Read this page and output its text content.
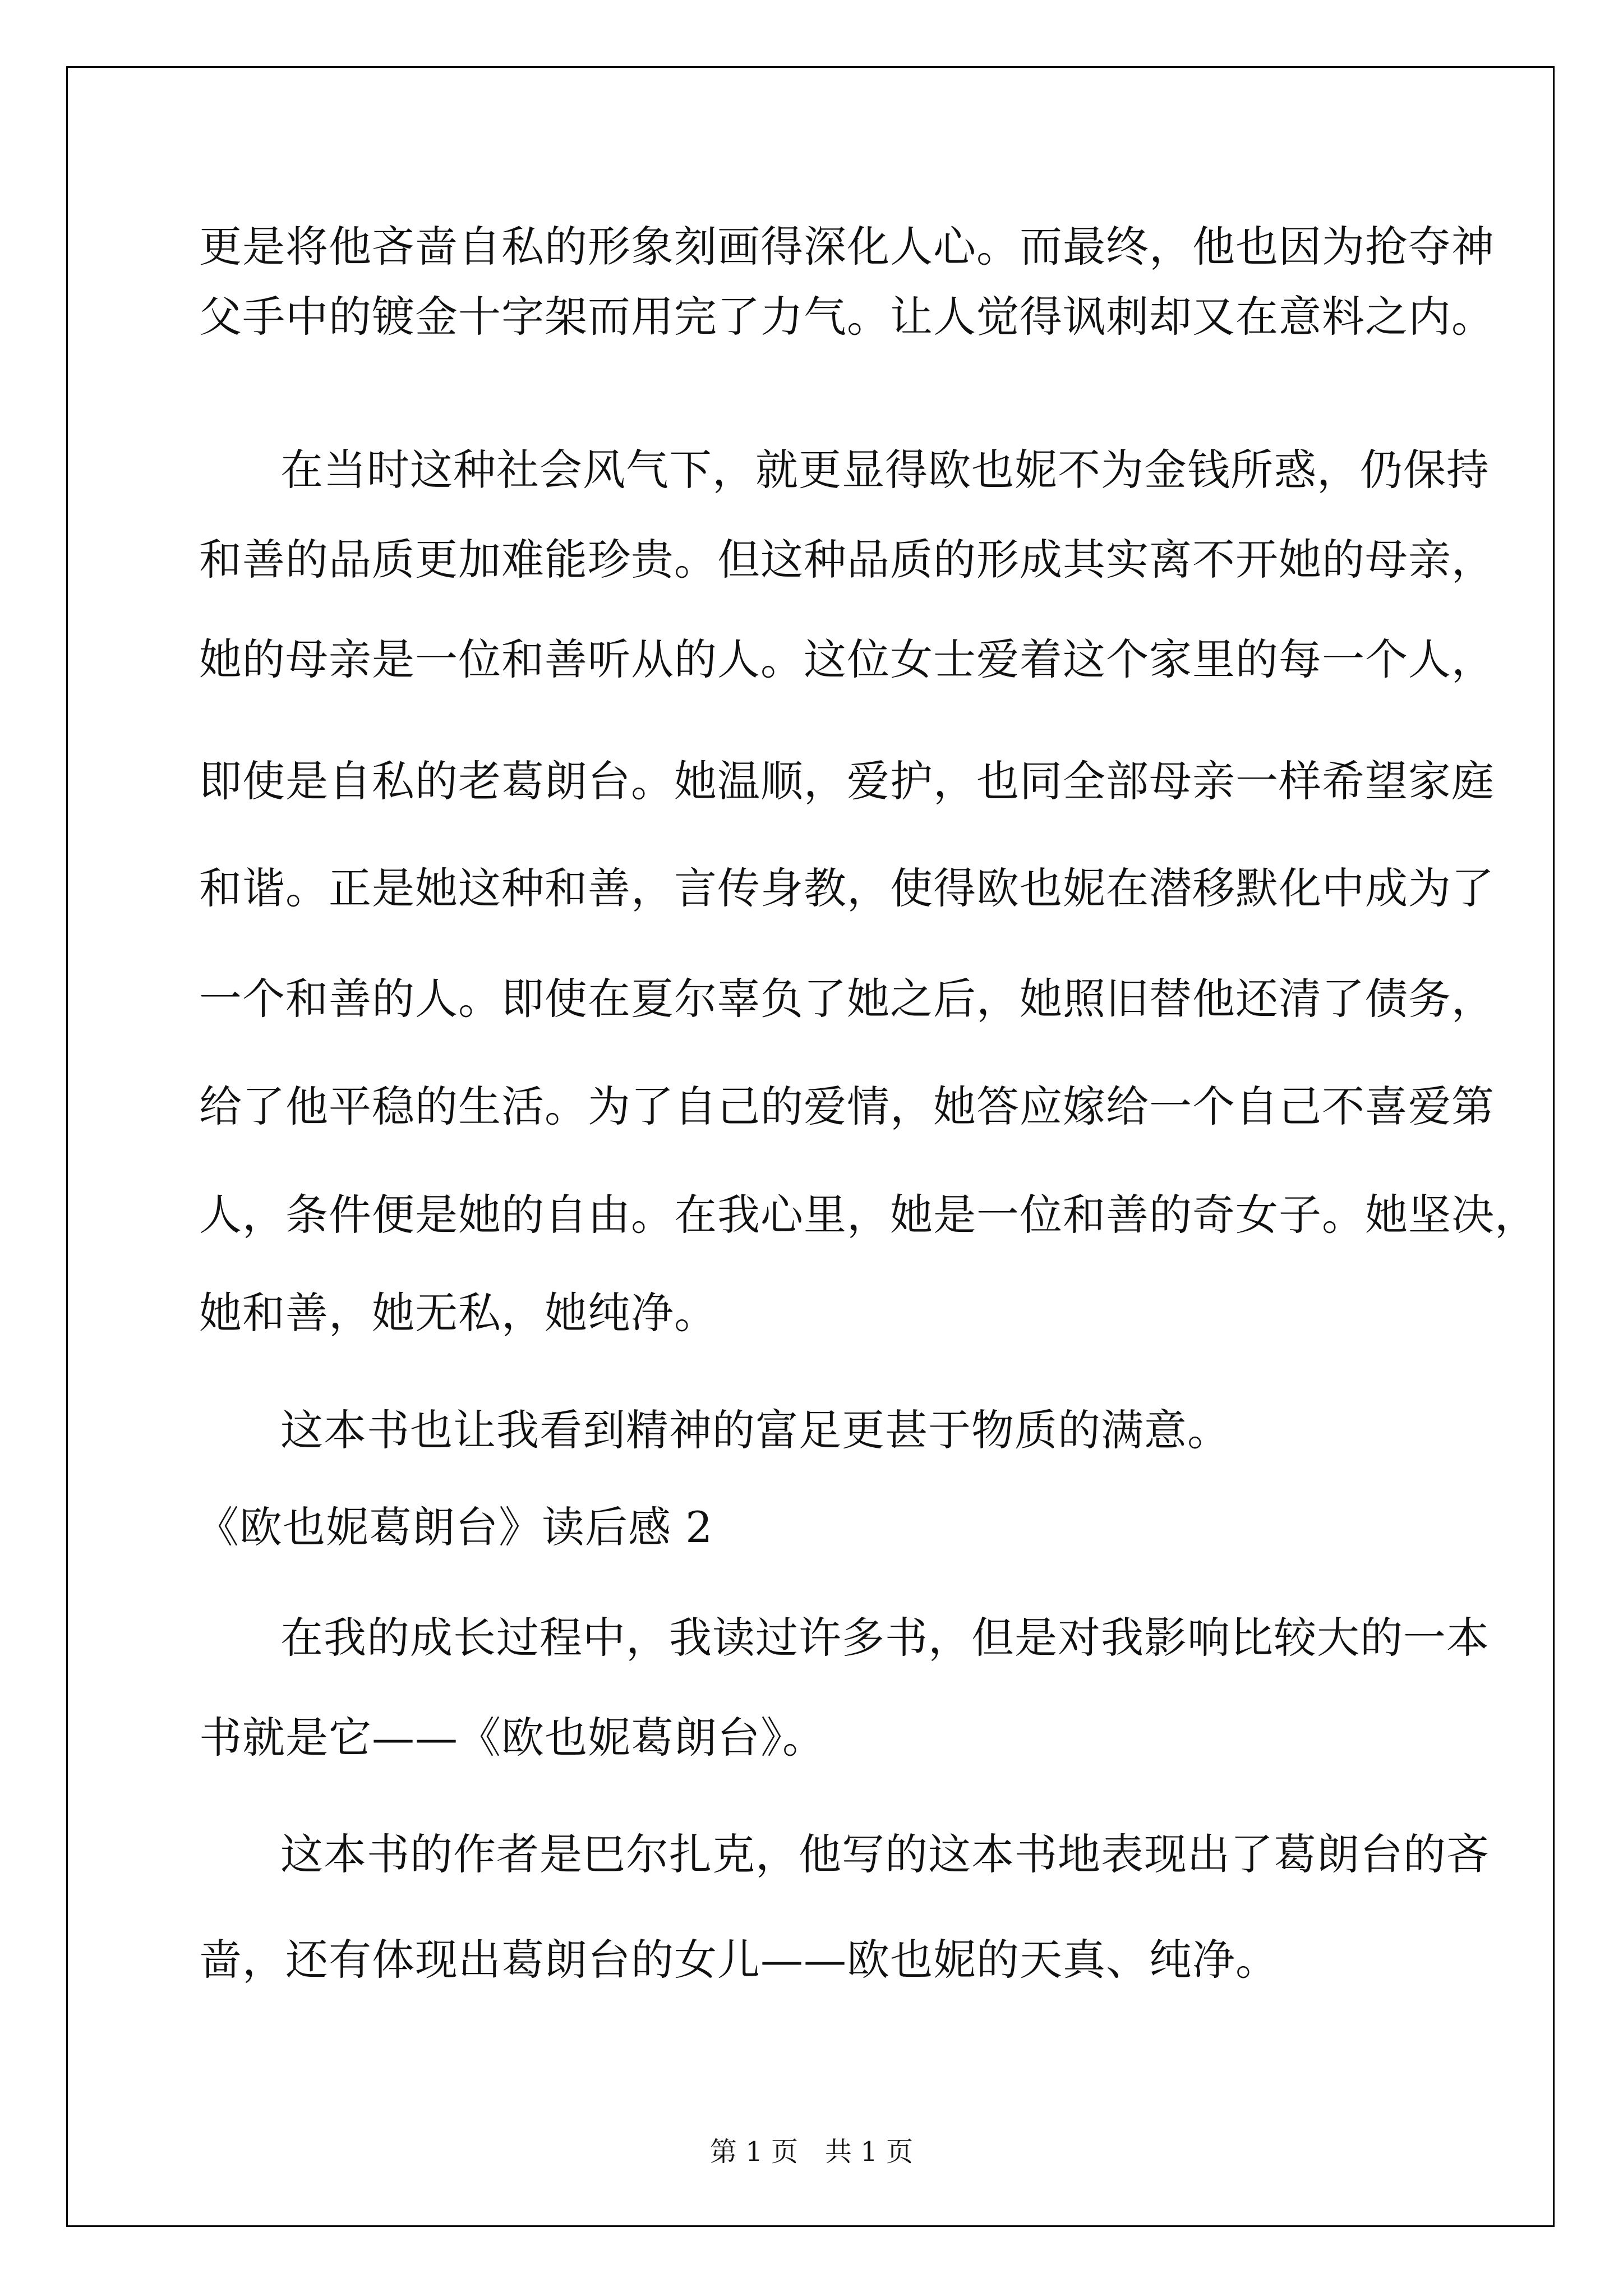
更是将他吝啬自私的形象刻画得深化人心。而最终，他也因为抢夺神
父手中的镀金十字架而用完了力气。让人觉得讽刺却又在意料之内。
在当时这种社会风气下，就更显得欧也妮不为金钱所惑，仍保持
和善的品质更加难能珍贵。但这种品质的形成其实离不开她的母亲，
她的母亲是一位和善听从的人。这位女士爱着这个家里的每一个人，
即使是自私的老葛朗台。她温顺，爱护，也同全部母亲一样希望家庭
和谐。正是她这种和善，言传身教，使得欧也妮在潜移默化中成为了
一个和善的人。即使在夏尔辜负了她之后，她照旧替他还清了债务，
给了他平稳的生活。为了自己的爱情，她答应嫁给一个自己不喜爱第
人，条件便是她的自由。在我心里，她是一位和善的奇女子。她坚决，
她和善，她无私，她纯净。
这本书也让我看到精神的富足更甚于物质的满意。
《欧也妮葛朗台》读后感 2
在我的成长过程中，我读过许多书，但是对我影响比较大的一本
书就是它——《欧也妮葛朗台》。
这本书的作者是巴尔扎克，他写的这本书地表现出了葛朗台的吝
啬，还有体现出葛朗台的女儿——欧也妮的天真、纯净。
第 1 页　共 1 页
